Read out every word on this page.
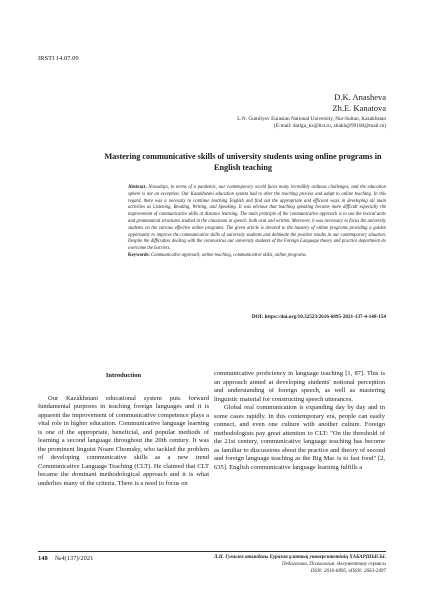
IRSTI 14.07.09
D.K. Anasheva
Zh.E. Kanatova
L.N. Gumilyov Eurasian National University, Nur-Sultan, Kazakhstan
(E-mail: dariga_kz@list.ru, zhakh@99100@mail.ru)
Mastering communicative skills of university students using online programs in English teaching

Abstract. Nowadays, in terms of a pandemic, our contemporary world faces many incredibly arduous challenges, and the education sphere is not an exception. Our Kazakhstani education system had to alter the teaching process and adapt to online teaching. In this regard, there was a necessity to continue teaching English and find out the appropriate and efficient ways in developing all main activities as Listening, Reading, Writing, and Speaking. It was obvious that teaching speaking became more difficult especially the improvement of communicative skills at distance learning. The main principle of the communicative approach is to use the lexical units and grammatical structures studied in the classroom in speech, both oral and written. Moreover, it was necessary to focus the university students on the various effective online programs. The given article is devoted to the mastery of online programs providing a golden opportunity to improve the communicative skills of university students and delineate the positive results in our contemporary situation. Despite the difficulties dealing with the coronavirus our university students of the Foreign Language theory and practice department do overcome the barriers.

Keywords: Communicative approach, online teaching, communicative skills, online programs.

DOI: https://doi.org/10.32523/2616-6895-2021-137-4-148-154
Introduction

Our Kazakhstani educational system puts forward fundamental purposes in teaching foreign languages and it is apparent the improvement of communicative competence plays a vital role in higher education. Communicative language learning is one of the appropriate, beneficial, and popular methods of learning a second language throughout the 20th century. It was the prominent linguist Noam Chomsky, who tackled the problem of developing communicative skills as a new trend Communicative Language Teaching (CLT). He claimed that CLT became the dominant methodological approach and it is what underlies many of the criteria. There is a need to focus on

communicative proficiency in language teaching [1, 87]. This is an approach aimed at developing students' notional perception and understanding of foreign speech, as well as mastering linguistic material for constructing speech utterances.

Global real communication is expanding day by day and in some cases rapidly. In this contemporary era, people can easily connect, and even one culture with another culture. Foreign methodologists pay great attention to CLT: "On the threshold of the 21st century, communicative language teaching has become as familiar to discussions about the practice and theory of second and foreign language teaching as the Big Mac is to fast food" [2, 635]. English communicative language learning fulfills a

148 №4(137)/2021	Л.Н. Гумилев атындағы Еуразия ұлттық университетінің ХАБАРШЫСЫ.
Педагогика. Психология. Әлеуметтану сериясы
ISSN: 2616-6895, eISSN: 2663-2497
